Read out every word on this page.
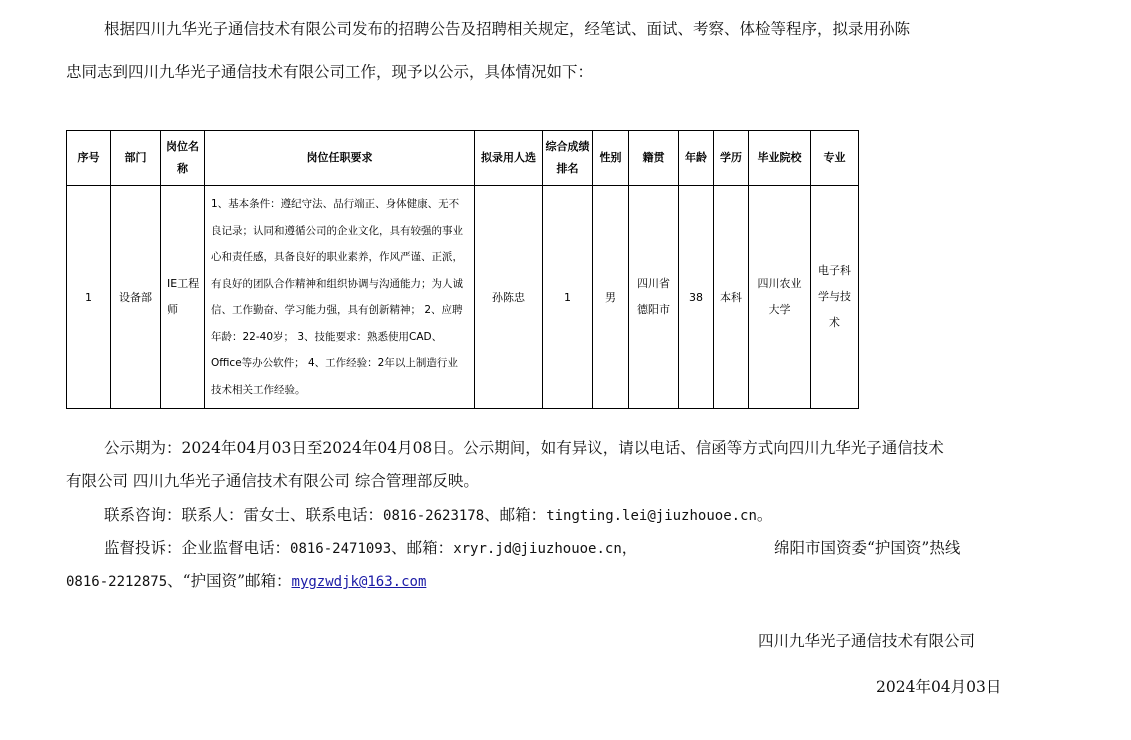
根据四川九华光子通信技术有限公司发布的招聘公告及招聘相关规定，经笔试、面试、考察、体检等程序，拟录用孙陈
忠同志到四川九华光子通信技术有限公司工作，现予以公示，具体情况如下：
序号	部门	岗位名称	岗位任职要求	拟录用人选	综合成绩排名	性别	籍贯	年龄	学历	毕业院校	专业
1	设备部	IE工程师	1、基本条件：遵纪守法、品行端正、身体健康、无不良记录；认同和遵循公司的企业文化，具有较强的事业心和责任感，具备良好的职业素养，作风严谨、正派，有良好的团队合作精神和组织协调与沟通能力；为人诚信、工作勤奋、学习能力强，具有创新精神； 2、应聘年龄：22-40岁； 3、技能要求：熟悉使用CAD、Office等办公软件； 4、工作经验：2年以上制造行业技术相关工作经验。	孙陈忠	1	男	四川省德阳市	38	本科	四川农业大学	电子科学与技术
公示期为：2024年04月03日至2024年04月08日。公示期间，如有异议，请以电话、信函等方式向四川九华光子通信技术
有限公司 四川九华光子通信技术有限公司 综合管理部反映。
联系咨询：联系人：雷女士、联系电话：0816-2623178、邮箱：tingting.lei@jiuzhouoe.cn。
监督投诉：企业监督电话：0816-2471093、邮箱：xryr.jd@jiuzhouoe.cn，	绵阳市国资委“护国资”热线
0816-2212875、“护国资”邮箱：mygzwdjk@163.com
四川九华光子通信技术有限公司
2024年04月03日
